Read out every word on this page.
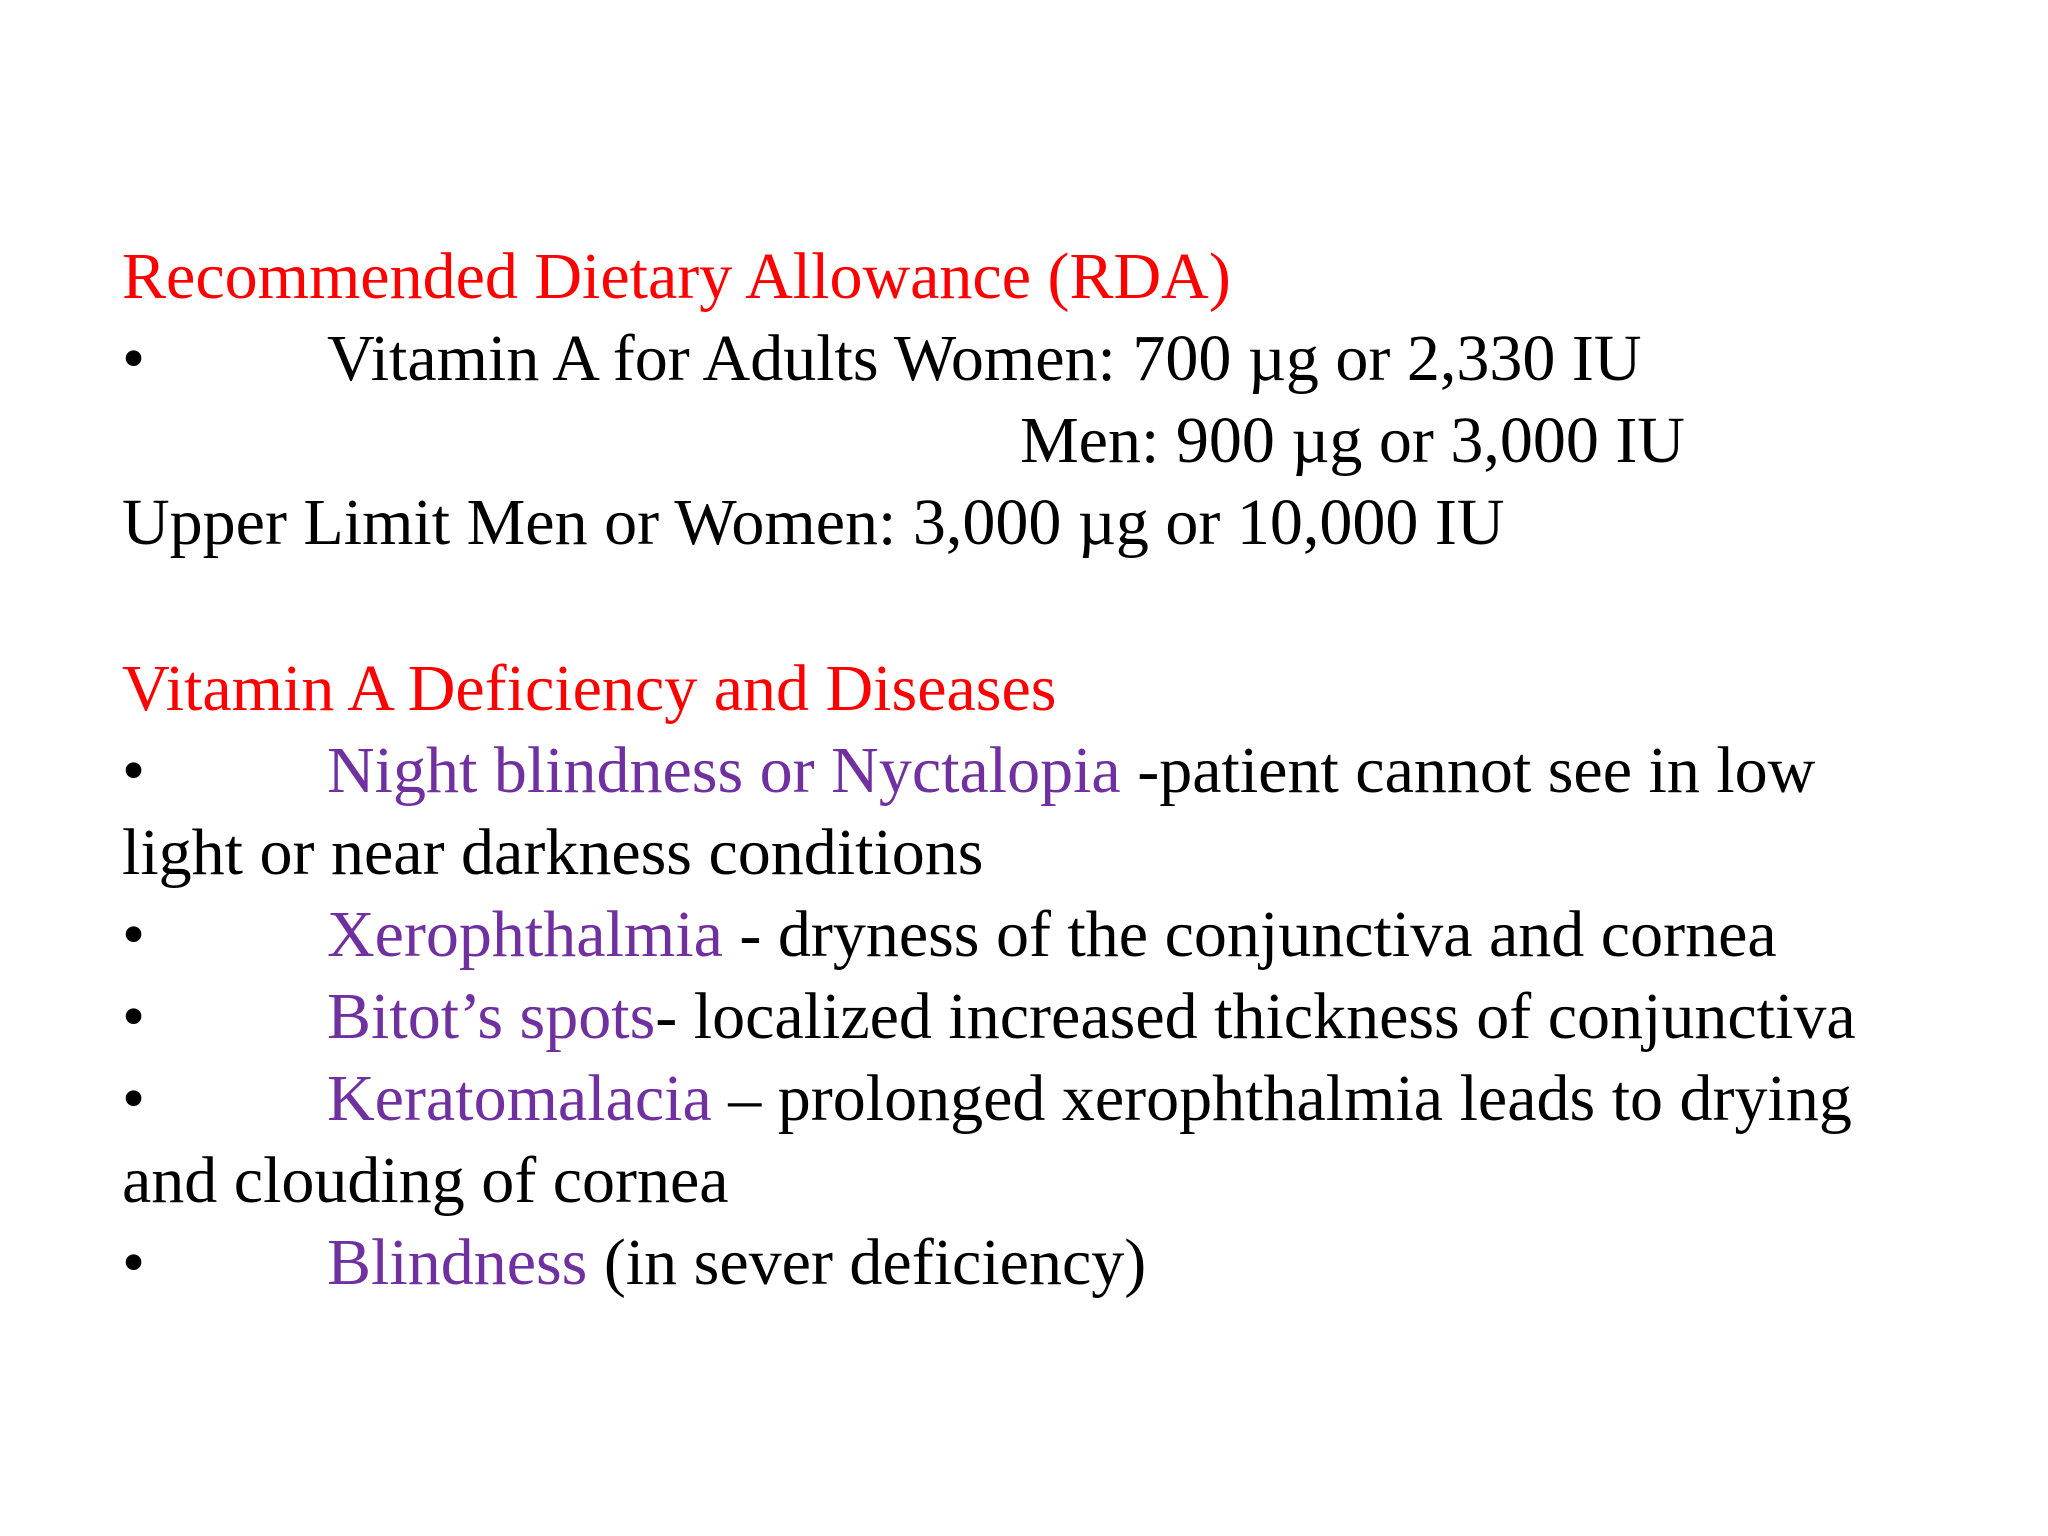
Recommended Dietary Allowance (RDA)
•	Vitamin A for Adults Women: 700 µg or 2,330 IU
Men: 900 µg or 3,000 IU
Upper Limit Men or Women: 3,000 µg or 10,000 IU
Vitamin A Deficiency and Diseases
•	Night blindness or Nyctalopia -patient cannot see in low
light or near darkness conditions
•	Xerophthalmia - dryness of the conjunctiva and cornea
•	Bitot’s spots- localized increased thickness of conjunctiva
•	Keratomalacia – prolonged xerophthalmia leads to drying
and clouding of cornea
•	Blindness (in sever deficiency)
